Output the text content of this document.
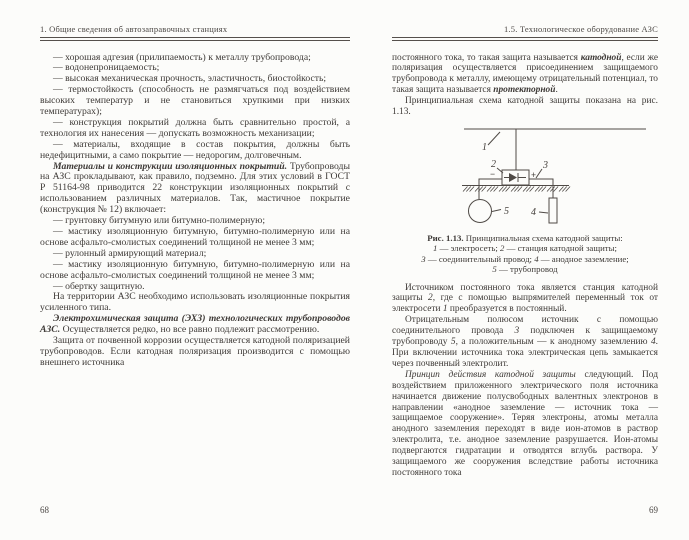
1. Общие сведения об автозаправочных станциях

— хорошая адгезия (прилипаемость) к металлу трубопровода;

— водонепроницаемость;

— высокая механическая прочность, эластичность, биостойкость;

— термостойкость (способность не размягчаться под воздействием высоких температур и не становиться хрупкими при низких температурах);

— конструкция покрытий должна быть сравнительно простой, а технология их нанесения — допускать возможность механизации;

— материалы, входящие в состав покрытия, должны быть недефицитными, а само покрытие — недорогим, долговечным.

Материалы и конструкции изоляционных покрытий. Трубопроводы на АЗС прокладывают, как правило, подземно. Для этих условий в ГОСТ Р 51164-98 приводится 22 конструкции изоляционных покрытий с использованием различных материалов. Так, мастичное покрытие (конструкция № 12) включает:

— грунтовку битумную или битумно-полимерную;

— мастику изоляционную битумную, битумно-полимерную или на основе асфальто-смолистых соединений толщиной не менее 3 мм;

— рулонный армирующий материал;

— мастику изоляционную битумную, битумно-полимерную или на основе асфальто-смолистых соединений толщиной не менее 3 мм;

— обертку защитную.

На территории АЗС необходимо использовать изоляционные покрытия усиленного типа.

Электрохимическая защита (ЭХЗ) технологических трубопроводов АЗС. Осуществляется редко, но все равно подлежит рассмотрению.

Защита от почвенной коррозии осуществляется катодной поляризацией трубопроводов. Если катодная поляризация производится с помощью внешнего источника

1.5. Технологическое оборудование АЗС

постоянного тока, то такая защита называется катодной, если же поляризация осуществляется присоединением защищаемого трубопровода к металлу, имеющему отрицательный потенциал, то такая защита называется протекторной.

Принципиальная схема катодной защиты показана на рис. 1.13.

1
2
−	+
3
5 4

Рис. 1.13. Принципиальная схема катодной защиты:

1 — электросеть; 2 — станция катодной защиты;

3 — соединительный провод; 4 — анодное заземление;

5 — трубопровод

Источником постоянного тока является станция катодной защиты 2, где с помощью выпрямителей переменный ток от электросети 1 преобразуется в постоянный.

Отрицательным полюсом источник с помощью соединительного провода 3 подключен к защищаемому трубопроводу 5, а положительным — к анодному заземлению 4. При включении источника тока электрическая цепь замыкается через почвенный электролит.

Принцип действия катодной защиты следующий. Под воздействием приложенного электрического поля источника начинается движение полусвободных валентных электронов в направлении «анодное заземление — источник тока — защищаемое сооружение». Теряя электроны, атомы металла анодного заземления переходят в виде ион-атомов в раствор электролита, т.е. анодное заземление разрушается. Ион-атомы подвергаются гидратации и отводятся вглубь раствора. У защищаемого же сооружения вследствие работы источника постоянного тока

68	69
